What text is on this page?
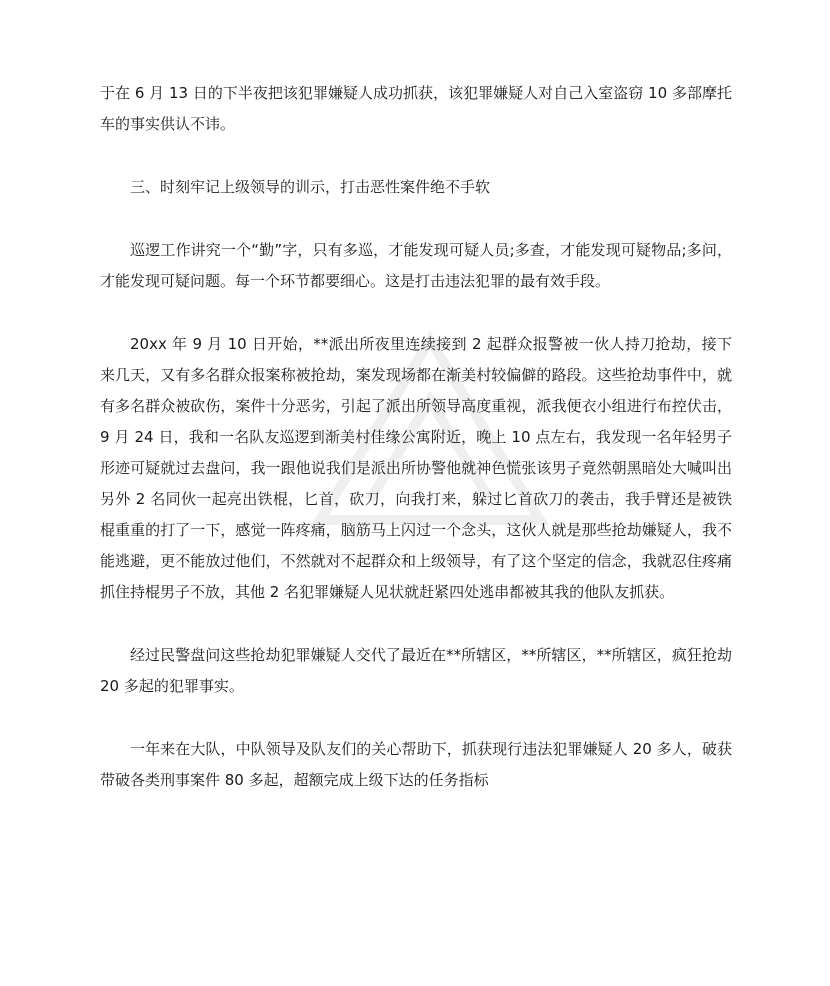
于在 6 月 13 日的下半夜把该犯罪嫌疑人成功抓获，该犯罪嫌疑人对自己入室盗窃 10 多部摩托车的事实供认不讳。

三、时刻牢记上级领导的训示，打击恶性案件绝不手软

巡逻工作讲究一个“勤”字，只有多巡，才能发现可疑人员;多查，才能发现可疑物品;多问，才能发现可疑问题。每一个环节都要细心。这是打击违法犯罪的最有效手段。

20xx 年 9 月 10 日开始，**派出所夜里连续接到 2 起群众报警被一伙人持刀抢劫，接下来几天，又有多名群众报案称被抢劫，案发现场都在渐美村较偏僻的路段。这些抢劫事件中，就有多名群众被砍伤，案件十分恶劣，引起了派出所领导高度重视，派我便衣小组进行布控伏击，9 月 24 日，我和一名队友巡逻到渐美村佳缘公寓附近，晚上 10 点左右，我发现一名年轻男子形迹可疑就过去盘问，我一跟他说我们是派出所协警他就神色慌张该男子竟然朝黑暗处大喊叫出另外 2 名同伙一起亮出铁棍，匕首，砍刀，向我打来，躲过匕首砍刀的袭击，我手臂还是被铁棍重重的打了一下，感觉一阵疼痛，脑筋马上闪过一个念头，这伙人就是那些抢劫嫌疑人，我不能逃避，更不能放过他们，不然就对不起群众和上级领导，有了这个坚定的信念，我就忍住疼痛抓住持棍男子不放，其他 2 名犯罪嫌疑人见状就赶紧四处逃串都被其我的他队友抓获。

经过民警盘问这些抢劫犯罪嫌疑人交代了最近在**所辖区，**所辖区，**所辖区，疯狂抢劫 20 多起的犯罪事实。

一年来在大队，中队领导及队友们的关心帮助下，抓获现行违法犯罪嫌疑人 20 多人，破获带破各类刑事案件 80 多起，超额完成上级下达的任务指标
